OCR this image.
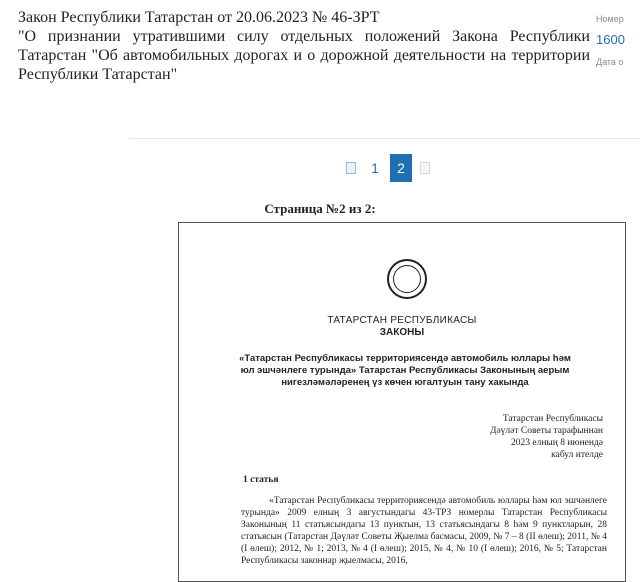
Закон Республики Татарстан от 20.06.2023 № 46-ЗРТ
"О признании утратившими силу отдельных положений Закона Республики Татарстан "Об автомобильных дорогах и о дорожной деятельности на территории Республики Татарстан"
Номер
1600
Дата о
1	2
Страница №2 из 2:
ТАТАРСТАН РЕСПУБЛИКАСЫ
ЗАКОНЫ
«Татарстан Республикасы территориясендә автомобиль юллары һәм юл эшчәнлеге турында» Татарстан Республикасы Законының аерым нигезләмәләренең үз көчен югалтуын тану хакында
Татарстан Республикасы
Дәүләт Советы тарафыннан
2023 елның 8 июнендә
кабул ителде
1 статья
«Татарстан Республикасы территориясендә автомобиль юллары һәм юл эшчәнлеге турында» 2009 елның 3 августындагы 43-ТРЗ номерлы Татарстан Республикасы Законының 11 статьясындагы 13 пунктын, 13 статьясындагы 8 һәм 9 пунктларын, 28 статьясын (Татарстан Дәүләт Советы Җыелма басмасы, 2009, № 7 – 8 (II өлеш); 2011, № 4 (I өлеш); 2012, № 1; 2013, № 4 (I өлеш); 2015, № 4, № 10 (I өлеш); 2016, № 5; Татарстан Республикасы законнар җыелмасы, 2016,
